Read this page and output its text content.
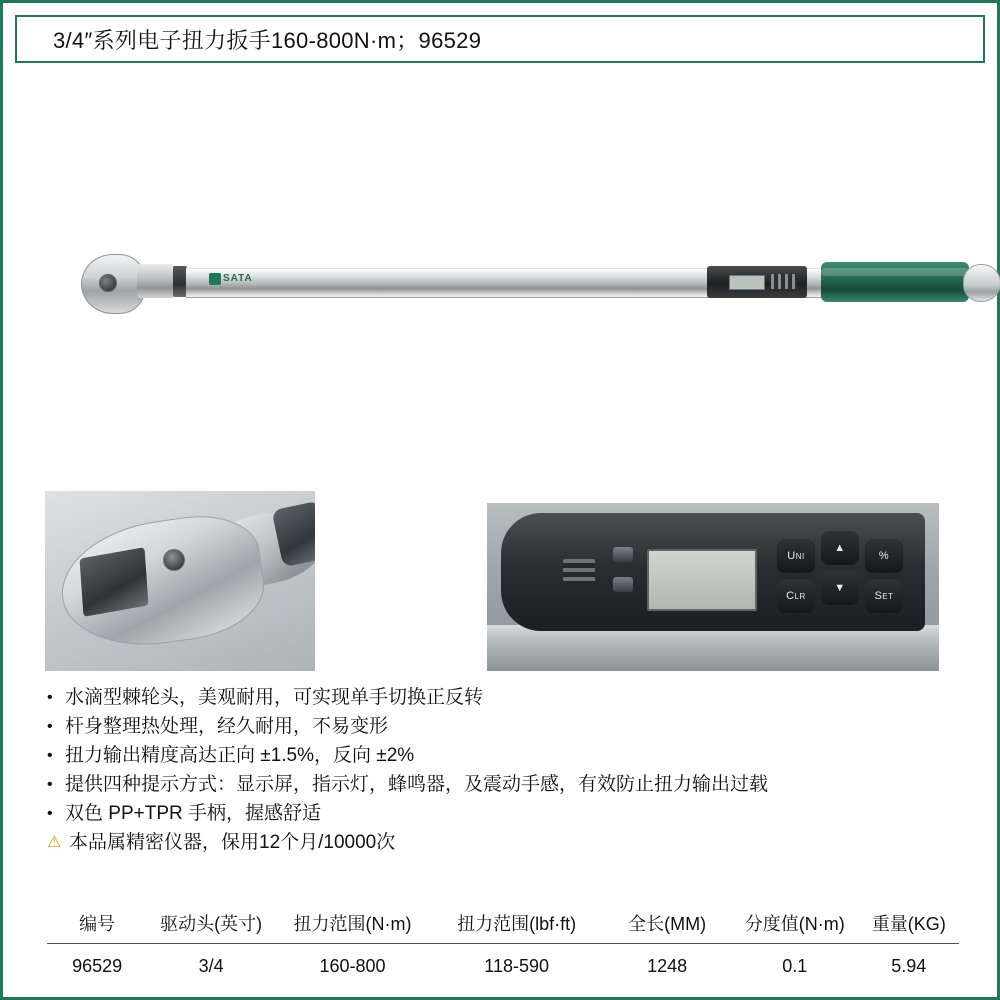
3/4″系列电子扭力扳手160-800N·m；96529
SATA
Uni
▲
%
Clr
▼
Set
• 水滴型棘轮头，美观耐用，可实现单手切换正反转
• 杆身整理热处理，经久耐用，不易变形
• 扭力输出精度高达正向 ±1.5%，反向 ±2%
• 提供四种提示方式：显示屏，指示灯，蜂鸣器，及震动手感，有效防止扭力输出过载
• 双色 PP+TPR 手柄，握感舒适
⚠ 本品属精密仪器，保用12个月/10000次
编号	驱动头(英寸)	扭力范围(N·m)	扭力范围(lbf·ft)	全长(MM)	分度值(N·m)	重量(KG)
96529	3/4	160-800	118-590	1248	0.1	5.94
